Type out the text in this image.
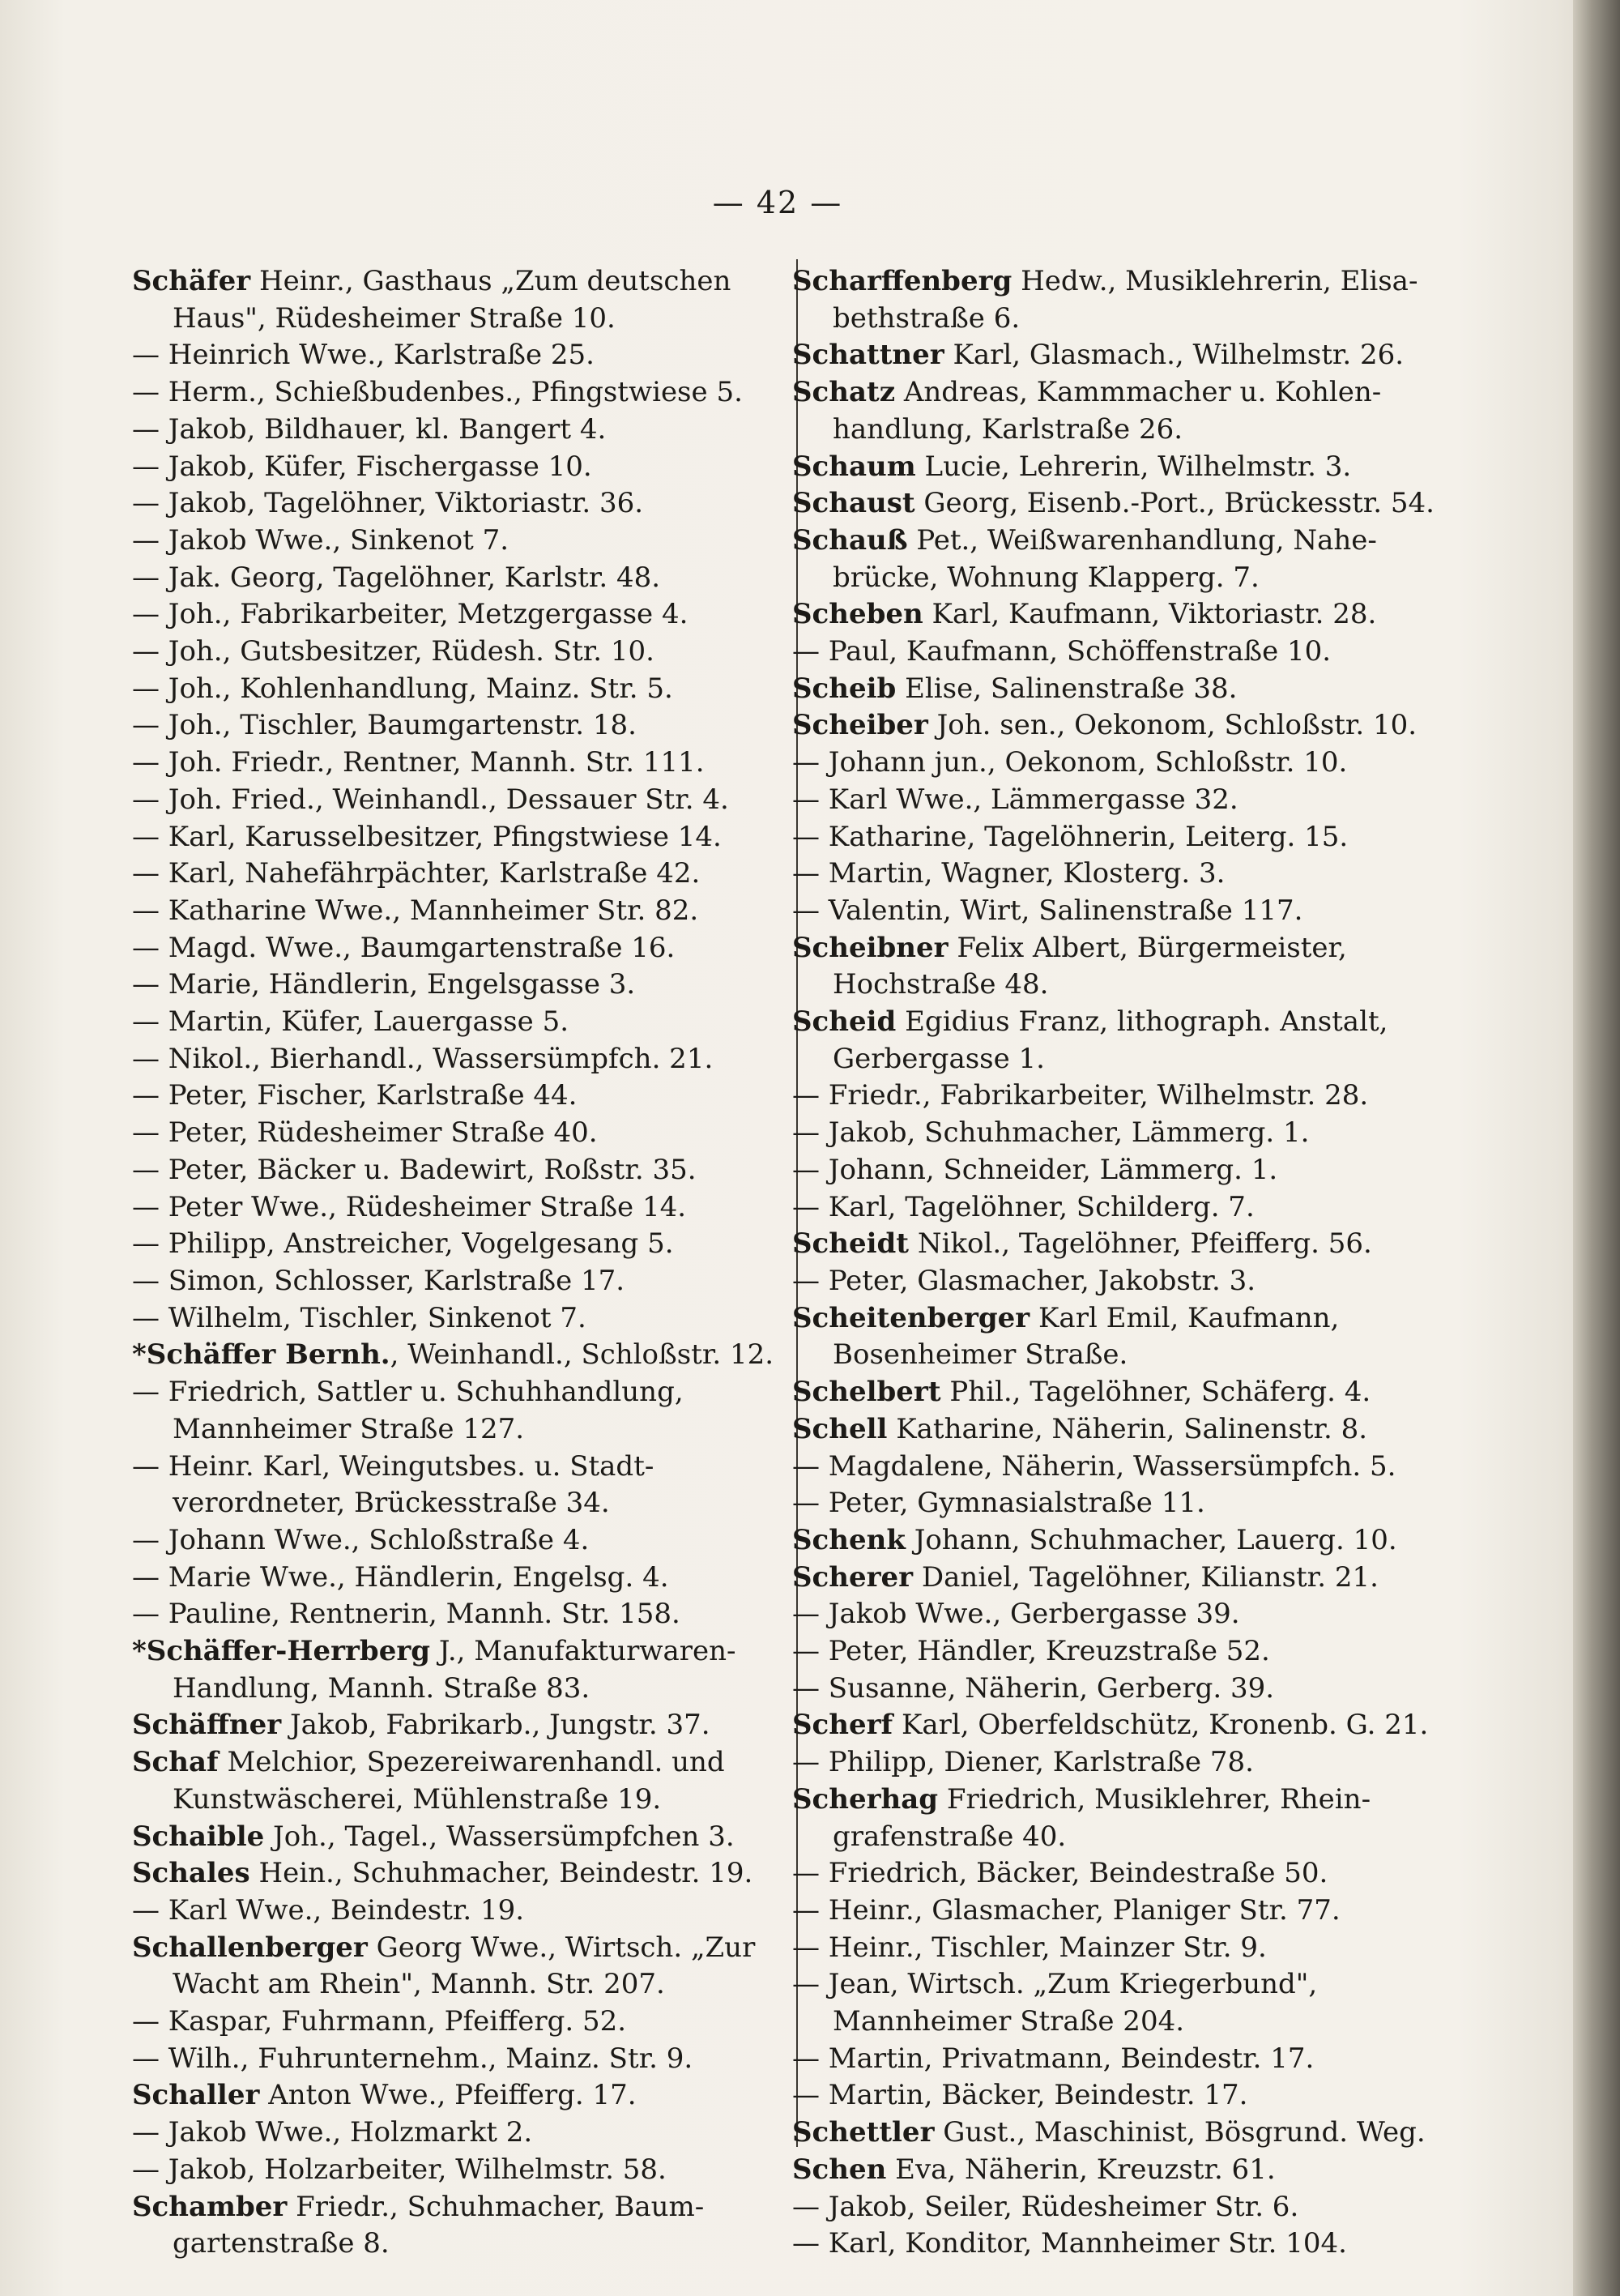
— 42 —
Schäfer Heinr., Gasthaus „Zum deutschen
Haus", Rüdesheimer Straße 10.
— Heinrich Wwe., Karlstraße 25.
— Herm., Schießbudenbes., Pfingstwiese 5.
— Jakob, Bildhauer, kl. Bangert 4.
— Jakob, Küfer, Fischergasse 10.
— Jakob, Tagelöhner, Viktoriastr. 36.
— Jakob Wwe., Sinkenot 7.
— Jak. Georg, Tagelöhner, Karlstr. 48.
— Joh., Fabrikarbeiter, Metzgergasse 4.
— Joh., Gutsbesitzer, Rüdesh. Str. 10.
— Joh., Kohlenhandlung, Mainz. Str. 5.
— Joh., Tischler, Baumgartenstr. 18.
— Joh. Friedr., Rentner, Mannh. Str. 111.
— Joh. Fried., Weinhandl., Dessauer Str. 4.
— Karl, Karusselbesitzer, Pfingstwiese 14.
— Karl, Nahefährpächter, Karlstraße 42.
— Katharine Wwe., Mannheimer Str. 82.
— Magd. Wwe., Baumgartenstraße 16.
— Marie, Händlerin, Engelsgasse 3.
— Martin, Küfer, Lauergasse 5.
— Nikol., Bierhandl., Wassersümpfch. 21.
— Peter, Fischer, Karlstraße 44.
— Peter, Rüdesheimer Straße 40.
— Peter, Bäcker u. Badewirt, Roßstr. 35.
— Peter Wwe., Rüdesheimer Straße 14.
— Philipp, Anstreicher, Vogelgesang 5.
— Simon, Schlosser, Karlstraße 17.
— Wilhelm, Tischler, Sinkenot 7.
*Schäffer Bernh., Weinhandl., Schloßstr. 12.
— Friedrich, Sattler u. Schuhhandlung,
Mannheimer Straße 127.
— Heinr. Karl, Weingutsbes. u. Stadt-
verordneter, Brückesstraße 34.
— Johann Wwe., Schloßstraße 4.
— Marie Wwe., Händlerin, Engelsg. 4.
— Pauline, Rentnerin, Mannh. Str. 158.
*Schäffer-Herrberg J., Manufakturwaren-
Handlung, Mannh. Straße 83.
Schäffner Jakob, Fabrikarb., Jungstr. 37.
Schaf Melchior, Spezereiwarenhandl. und
Kunstwäscherei, Mühlenstraße 19.
Schaible Joh., Tagel., Wassersümpfchen 3.
Schales Hein., Schuhmacher, Beindestr. 19.
— Karl Wwe., Beindestr. 19.
Schallenberger Georg Wwe., Wirtsch. „Zur
Wacht am Rhein", Mannh. Str. 207.
— Kaspar, Fuhrmann, Pfeifferg. 52.
— Wilh., Fuhrunternehm., Mainz. Str. 9.
Schaller Anton Wwe., Pfeifferg. 17.
— Jakob Wwe., Holzmarkt 2.
— Jakob, Holzarbeiter, Wilhelmstr. 58.
Schamber Friedr., Schuhmacher, Baum-
gartenstraße 8.
Scharffenberg Hedw., Musiklehrerin, Elisa-
bethstraße 6.
Schattner Karl, Glasmach., Wilhelmstr. 26.
Schatz Andreas, Kammmacher u. Kohlen-
handlung, Karlstraße 26.
Schaum Lucie, Lehrerin, Wilhelmstr. 3.
Schaust Georg, Eisenb.-Port., Brückesstr. 54.
Schauß Pet., Weißwarenhandlung, Nahe-
brücke, Wohnung Klapperg. 7.
Scheben Karl, Kaufmann, Viktoriastr. 28.
— Paul, Kaufmann, Schöffenstraße 10.
Scheib Elise, Salinenstraße 38.
Scheiber Joh. sen., Oekonom, Schloßstr. 10.
— Johann jun., Oekonom, Schloßstr. 10.
— Karl Wwe., Lämmergasse 32.
— Katharine, Tagelöhnerin, Leiterg. 15.
— Martin, Wagner, Klosterg. 3.
— Valentin, Wirt, Salinenstraße 117.
Scheibner Felix Albert, Bürgermeister,
Hochstraße 48.
Scheid Egidius Franz, lithograph. Anstalt,
Gerbergasse 1.
— Friedr., Fabrikarbeiter, Wilhelmstr. 28.
— Jakob, Schuhmacher, Lämmerg. 1.
— Johann, Schneider, Lämmerg. 1.
— Karl, Tagelöhner, Schilderg. 7.
Scheidt Nikol., Tagelöhner, Pfeifferg. 56.
— Peter, Glasmacher, Jakobstr. 3.
Scheitenberger Karl Emil, Kaufmann,
Bosenheimer Straße.
Schelbert Phil., Tagelöhner, Schäferg. 4.
Schell Katharine, Näherin, Salinenstr. 8.
— Magdalene, Näherin, Wassersümpfch. 5.
— Peter, Gymnasialstraße 11.
Schenk Johann, Schuhmacher, Lauerg. 10.
Scherer Daniel, Tagelöhner, Kilianstr. 21.
— Jakob Wwe., Gerbergasse 39.
— Peter, Händler, Kreuzstraße 52.
— Susanne, Näherin, Gerberg. 39.
Scherf Karl, Oberfeldschütz, Kronenb. G. 21.
— Philipp, Diener, Karlstraße 78.
Scherhag Friedrich, Musiklehrer, Rhein-
grafenstraße 40.
— Friedrich, Bäcker, Beindestraße 50.
— Heinr., Glasmacher, Planiger Str. 77.
— Heinr., Tischler, Mainzer Str. 9.
— Jean, Wirtsch. „Zum Kriegerbund",
Mannheimer Straße 204.
— Martin, Privatmann, Beindestr. 17.
— Martin, Bäcker, Beindestr. 17.
Schettler Gust., Maschinist, Bösgrund. Weg.
Schen Eva, Näherin, Kreuzstr. 61.
— Jakob, Seiler, Rüdesheimer Str. 6.
— Karl, Konditor, Mannheimer Str. 104.
